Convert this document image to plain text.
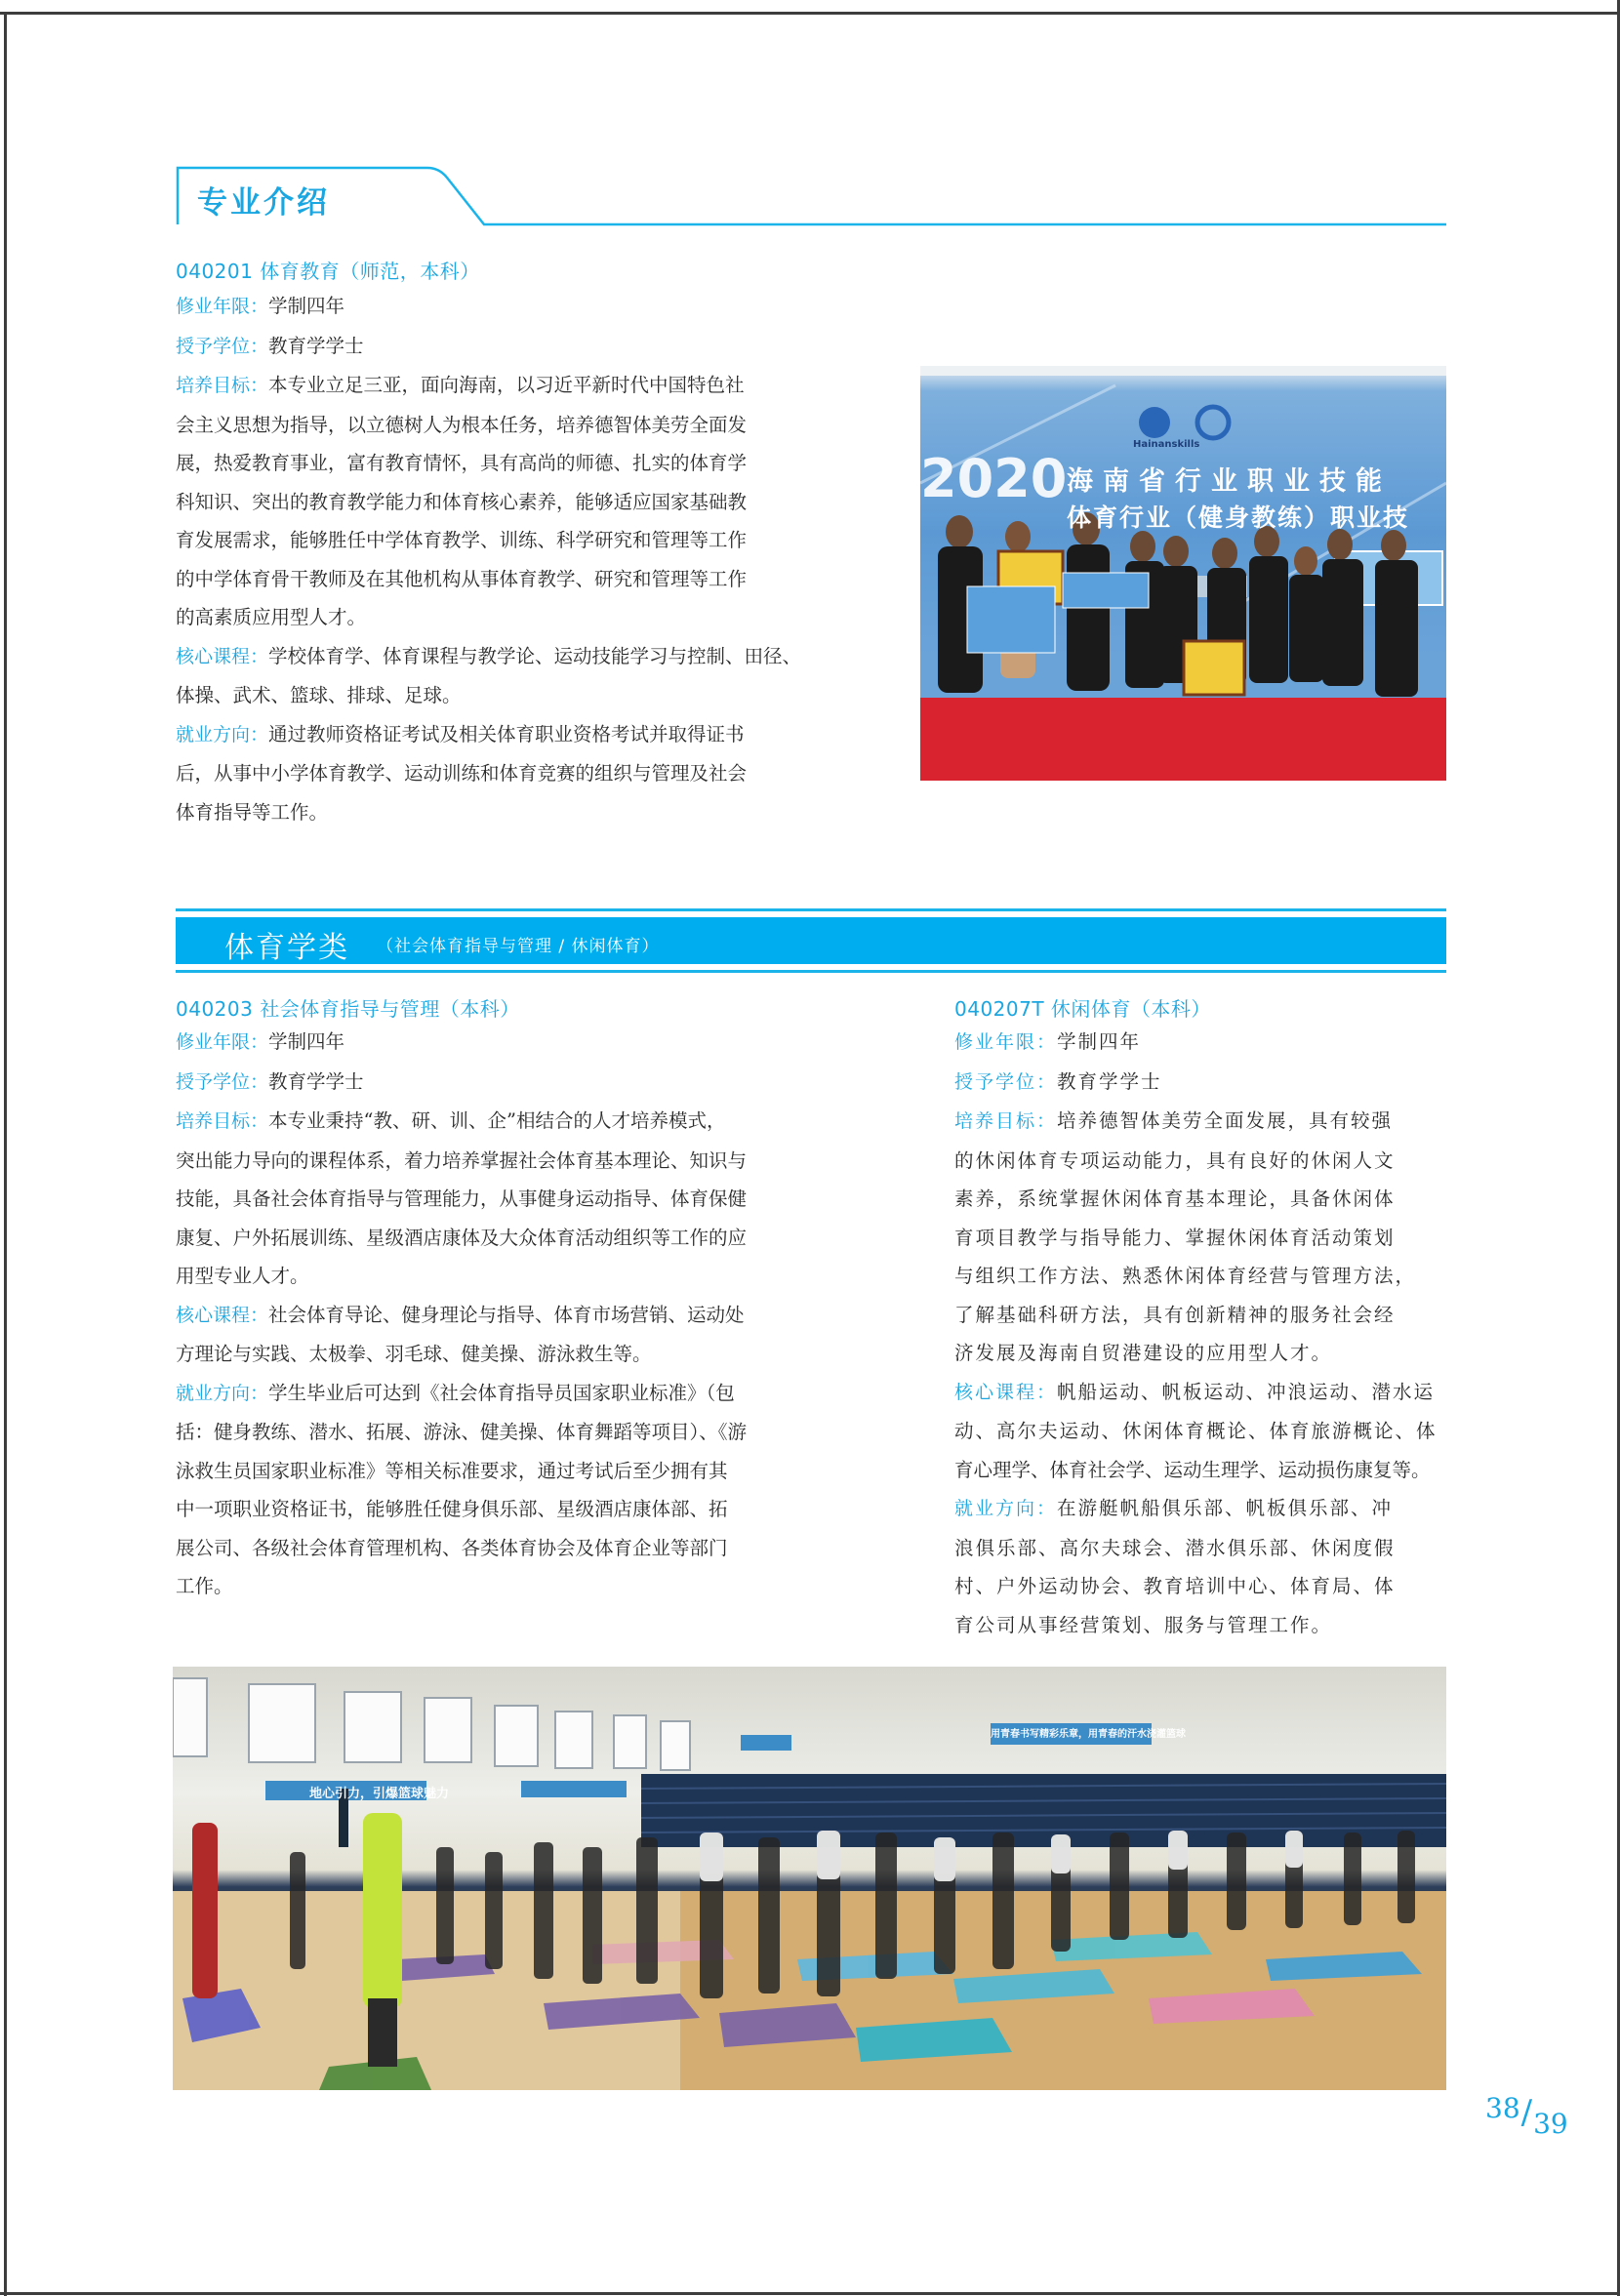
专业介绍
040201 体育教育（师范，本科）

修业年限：学制四年

授予学位：教育学学士

培养目标：本专业立足三亚，面向海南，以习近平新时代中国特色社

会主义思想为指导，以立德树人为根本任务，培养德智体美劳全面发

展，热爱教育事业，富有教育情怀，具有高尚的师德、扎实的体育学

科知识、突出的教育教学能力和体育核心素养，能够适应国家基础教

育发展需求，能够胜任中学体育教学、训练、科学研究和管理等工作

的中学体育骨干教师及在其他机构从事体育教学、研究和管理等工作

的高素质应用型人才。

核心课程：学校体育学、体育课程与教学论、运动技能学习与控制、田径、

体操、武术、篮球、排球、足球。

就业方向：通过教师资格证考试及相关体育职业资格考试并取得证书

后，从事中小学体育教学、运动训练和体育竞赛的组织与管理及社会

体育指导等工作。

2020 海南省行业职业技能
体育行业（健身教练）职业技
Hainanskills
体育学类 （社会体育指导与管理 / 休闲体育）
040203 社会体育指导与管理（本科）

修业年限：学制四年

授予学位：教育学学士

培养目标：本专业秉持“教、研、训、企”相结合的人才培养模式，

突出能力导向的课程体系，着力培养掌握社会体育基本理论、知识与

技能，具备社会体育指导与管理能力，从事健身运动指导、体育保健

康复、户外拓展训练、星级酒店康体及大众体育活动组织等工作的应

用型专业人才。

核心课程：社会体育导论、健身理论与指导、体育市场营销、运动处

方理论与实践、太极拳、羽毛球、健美操、游泳救生等。

就业方向：学生毕业后可达到《社会体育指导员国家职业标准》（包

括：健身教练、潜水、拓展、游泳、健美操、体育舞蹈等项目）、《游

泳救生员国家职业标准》等相关标准要求，通过考试后至少拥有其

中一项职业资格证书，能够胜任健身俱乐部、星级酒店康体部、拓

展公司、各级社会体育管理机构、各类体育协会及体育企业等部门

工作。

040207T 休闲体育（本科）

修业年限：学制四年

授予学位：教育学学士

培养目标：培养德智体美劳全面发展，具有较强

的休闲体育专项运动能力，具有良好的休闲人文

素养，系统掌握休闲体育基本理论，具备休闲体

育项目教学与指导能力、掌握休闲体育活动策划

与组织工作方法、熟悉休闲体育经营与管理方法，

了解基础科研方法，具有创新精神的服务社会经

济发展及海南自贸港建设的应用型人才。

核心课程：帆船运动、帆板运动、冲浪运动、潜水运

动、高尔夫运动、休闲体育概论、体育旅游概论、体

育心理学、体育社会学、运动生理学、运动损伤康复等。

就业方向：在游艇帆船俱乐部、帆板俱乐部、冲

浪俱乐部、高尔夫球会、潜水俱乐部、休闲度假

村、户外运动协会、教育培训中心、体育局、体

育公司从事经营策划、服务与管理工作。

地心引力，引爆篮球魅力
用青春书写精彩乐章，用青春的汗水浇灌篮球
38/39
